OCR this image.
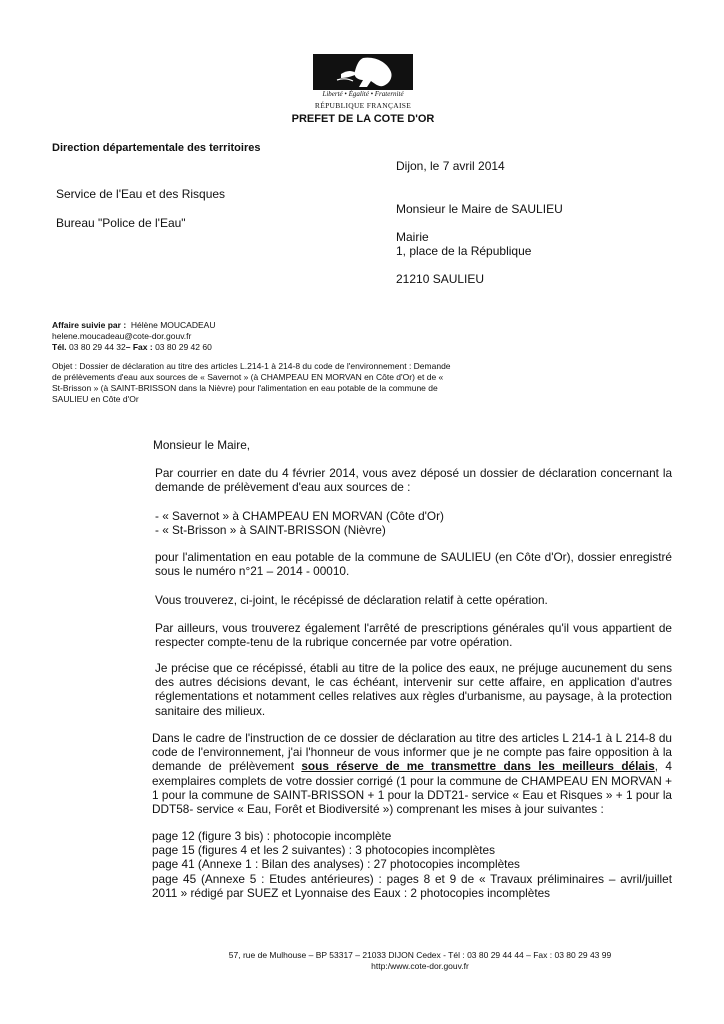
Liberté • Égalité • Fraternité
RÉPUBLIQUE FRANÇAISE
PREFET DE LA COTE D'OR
Direction départementale des territoires
Service de l'Eau et des Risques
Bureau "Police de l'Eau"
Dijon, le 7 avril 2014
Monsieur le Maire de SAULIEU
Mairie
1, place de la République
21210 SAULIEU
Affaire suivie par : Hélène MOUCADEAU
helene.moucadeau@cote-dor.gouv.fr
Tél. 03 80 29 44 32– Fax : 03 80 29 42 60
Objet : Dossier de déclaration au titre des articles L.214-1 à 214-8 du code de l'environnement : Demande de prélèvements d'eau aux sources de « Savernot » (à CHAMPEAU EN MORVAN en Côte d'Or) et de « St-Brisson » (à SAINT-BRISSON dans la Nièvre) pour l'alimentation en eau potable de la commune de SAULIEU en Côte d'Or
Monsieur le Maire,
Par courrier en date du 4 février 2014, vous avez déposé un dossier de déclaration concernant la demande de prélèvement d'eau aux sources de :
- « Savernot » à CHAMPEAU EN MORVAN (Côte d'Or)
- « St-Brisson » à SAINT-BRISSON (Nièvre)
pour l'alimentation en eau potable de la commune de SAULIEU (en Côte d'Or), dossier enregistré sous le numéro n°21 – 2014 - 00010.
Vous trouverez, ci-joint, le récépissé de déclaration relatif à cette opération.
Par ailleurs, vous trouverez également l'arrêté de prescriptions générales qu'il vous appartient de respecter compte-tenu de la rubrique concernée par votre opération.
Je précise que ce récépissé, établi au titre de la police des eaux, ne préjuge aucunement du sens des autres décisions devant, le cas échéant, intervenir sur cette affaire, en application d'autres réglementations et notamment celles relatives aux règles d'urbanisme, au paysage, à la protection sanitaire des milieux.
Dans le cadre de l'instruction de ce dossier de déclaration au titre des articles L 214-1 à L 214-8 du code de l'environnement, j'ai l'honneur de vous informer que je ne compte pas faire opposition à la demande de prélèvement sous réserve de me transmettre dans les meilleurs délais, 4 exemplaires complets de votre dossier corrigé (1 pour la commune de CHAMPEAU EN MORVAN + 1 pour la commune de SAINT-BRISSON + 1 pour la DDT21- service « Eau et Risques » + 1 pour la DDT58- service « Eau, Forêt et Biodiversité ») comprenant les mises à jour suivantes :
page 12 (figure 3 bis) : photocopie incomplète
page 15 (figures 4 et les 2 suivantes) : 3 photocopies incomplètes
page 41 (Annexe 1 : Bilan des analyses) : 27 photocopies incomplètes
page 45 (Annexe 5 : Etudes antérieures) : pages 8 et 9 de « Travaux préliminaires – avril/juillet 2011 » rédigé par SUEZ et Lyonnaise des Eaux : 2 photocopies incomplètes
57, rue de Mulhouse – BP 53317 – 21033 DIJON Cedex - Tél : 03 80 29 44 44 – Fax : 03 80 29 43 99
http:/www.cote-dor.gouv.fr
